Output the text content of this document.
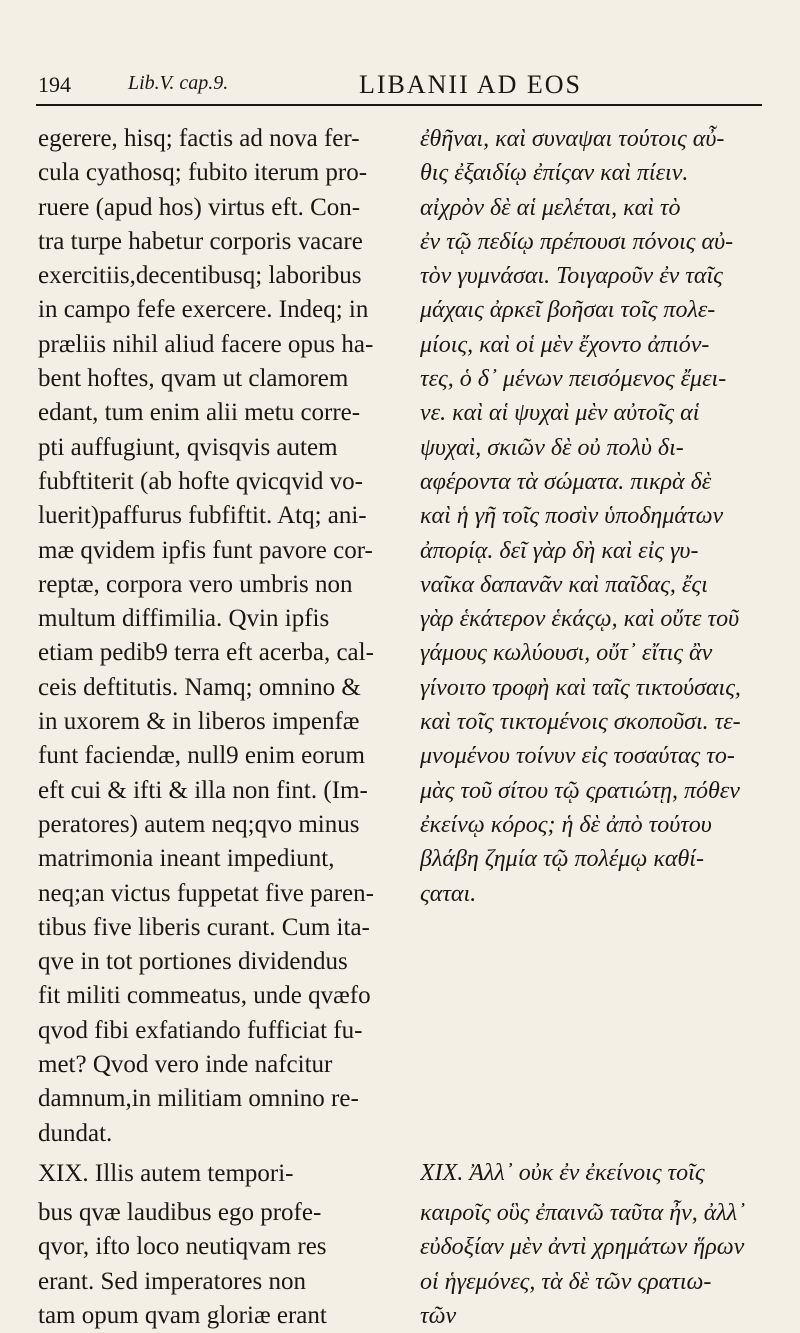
194	Lib.V. cap.9.	LIBANII AD EOS
egerere, hisq; factis ad nova fer-
cula cyathosq; fubito iterum pro-
ruere (apud hos) virtus eft. Con-
tra turpe habetur corporis vacare
exercitiis,decentibusq; laboribus
in campo fefe exercere. Indeq; in
præliis nihil aliud facere opus ha-
bent hoftes, qvam ut clamorem
edant, tum enim alii metu corre-
pti auffugiunt, qvisqvis autem
fubftiterit (ab hofte qvicqvid vo-
luerit)paffurus fubfiftit. Atq; ani-
mæ qvidem ipfis funt pavore cor-
reptæ, corpora vero umbris non
multum diffimilia. Qvin ipfis
etiam pedib9 terra eft acerba, cal-
ceis deftitutis. Namq; omnino &
in uxorem & in liberos impenfæ
funt faciendæ, null9 enim eorum
eft cui & ifti & illa non fint. (Im-
peratores) autem neq;qvo minus
matrimonia ineant impediunt,
neq;an victus fuppetat five paren-
tibus five liberis curant. Cum ita-
qve in tot portiones dividendus
fit militi commeatus, unde qvæfo
qvod fibi exfatiando fufficiat fu-
met? Qvod vero inde nafcitur
damnum,in militiam omnino re-
dundat.
XIX. Illis autem tempori-
bus qvæ laudibus ego profe-
qvor, ifto loco neutiqvam res
erant. Sed imperatores non
tam opum qvam gloriæ erant
ἐθῆναι, καὶ συναψαι τούτοις αὖ-
θις ἐξαιδίῳ ἐπίςαν καὶ πίειν.
αἰχρὸν δὲ αἱ μελέται, καὶ τὸ
ἐν τῷ πεδίῳ πρέπουσι πόνοις αὐ-
τὸν γυμνάσαι. Τοιγαροῦν ἐν ταῖς
μάχαις ἀρκεῖ βοῆσαι τοῖς πολε-
μίοις, καὶ οἱ μὲν ἔχοντο ἀπιόν-
τες, ὁ δ᾽ μένων πεισόμενος ἔμει-
νε. καὶ αἱ ψυχαὶ μὲν αὐτοῖς αἱ
ψυχαὶ, σκιῶν δὲ οὐ πολὺ δι-
αφέροντα τὰ σώματα. πικρὰ δὲ
καὶ ἡ γῆ τοῖς ποσὶν ὑποδημάτων
ἀπορίᾳ. δεῖ γὰρ δὴ καὶ εἰς γυ-
ναῖκα δαπανᾶν καὶ παῖδας, ἔςι
γὰρ ἑκάτερον ἑκάςῳ, καὶ οὔτε τοῦ
γάμους κωλύουσι, οὔτ᾽ εἴτις ἂν
γίνοιτο τροφὴ καὶ ταῖς τικτούσαις,
καὶ τοῖς τικτομένοις σκοποῦσι. τε-
μνομένου τοίνυν εἰς τοσαύτας το-
μὰς τοῦ σίτου τῷ ςρατιώτῃ, πόθεν
ἐκείνῳ κόρος; ἡ δὲ ἀπὸ τούτου
βλάβη ζημία τῷ πολέμῳ καθί-
ςαται.
XIX. Ἀλλ᾽ οὐκ ἐν ἐκείνοις τοῖς
καιροῖς οὓς ἐπαινῶ ταῦτα ἦν, ἀλλ᾽
εὐδοξίαν μὲν ἀντὶ χρημάτων ἥρων
οἱ ἡγεμόνες, τὰ δὲ τῶν ςρατιω-
τῶν
